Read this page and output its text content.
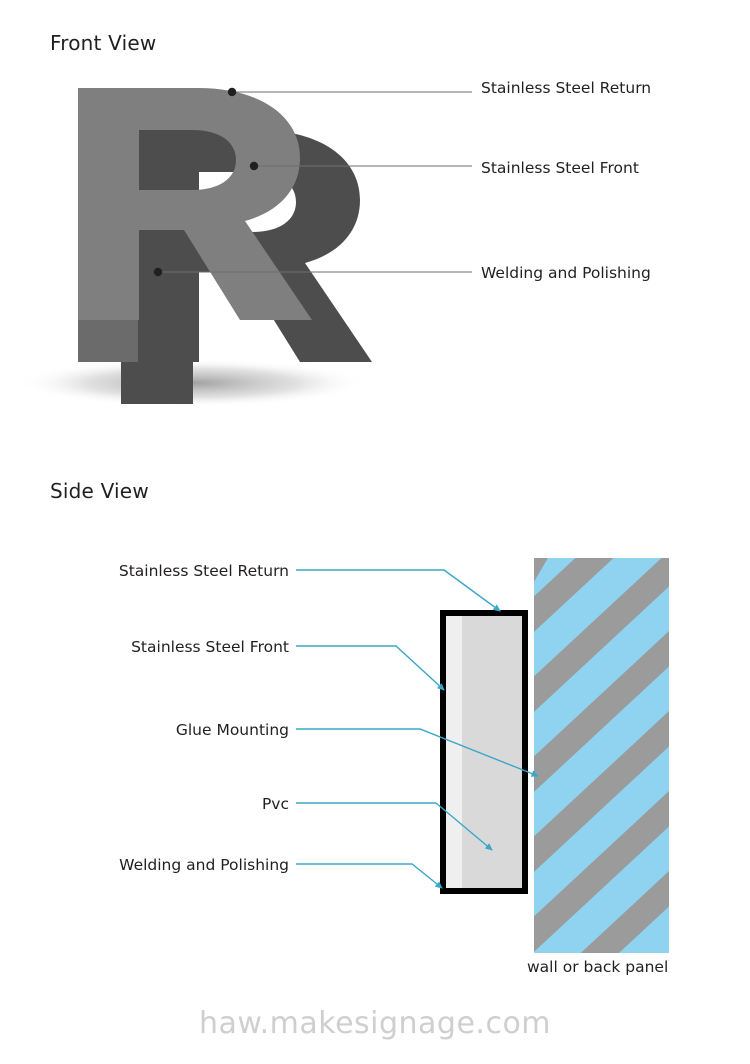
Front View
Stainless Steel Return
Stainless Steel Front
Welding and Polishing
Side View
Stainless Steel Return
Stainless Steel Front
Glue Mounting
Pvc
Welding and Polishing
wall or back panel
haw.makesignage.com
